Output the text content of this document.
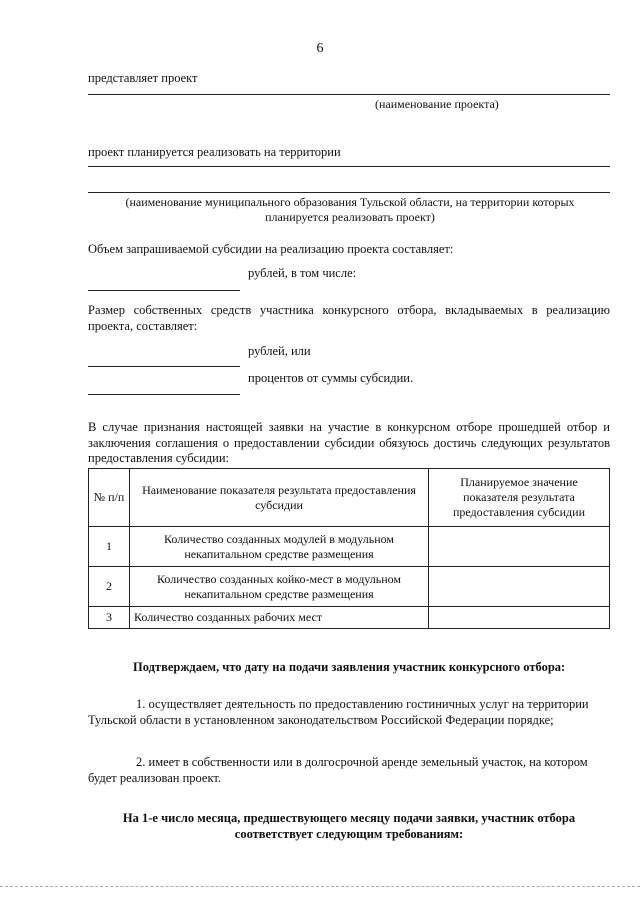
6
представляет проект
(наименование проекта)
проект планируется реализовать на территории
(наименование муниципального образования Тульской области, на территории которых планируется реализовать проект)
Объем запрашиваемой субсидии на реализацию проекта составляет:
рублей, в том числе:
Размер собственных средств участника конкурсного отбора, вкладываемых в реализацию проекта, составляет:
рублей, или
процентов от суммы субсидии.
В случае признания настоящей заявки на участие в конкурсном отборе прошедшей отбор и заключения соглашения о предоставлении субсидии обязуюсь достичь следующих результатов предоставления субсидии:
№ п/п	Наименование показателя результата предоставления субсидии	Планируемое значение показателя результата предоставления субсидии
1	Количество созданных модулей в модульном некапитальном средстве размещения	
2	Количество созданных койко-мест в модульном некапитальном средстве размещения	
3	Количество созданных рабочих мест	
Подтверждаем, что дату на подачи заявления участник конкурсного отбора:
1. осуществляет деятельность по предоставлению гостиничных услуг на территории Тульской области в установленном законодательством Российской Федерации порядке;
2. имеет в собственности или в долгосрочной аренде земельный участок, на котором будет реализован проект.
На 1-е число месяца, предшествующего месяцу подачи заявки, участник отбора соответствует следующим требованиям:
